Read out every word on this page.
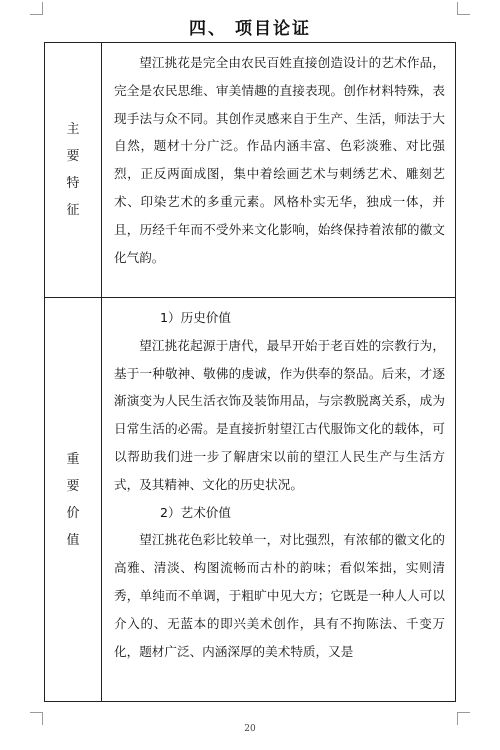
四、 项目论证
主
要
特
征

望江挑花是完全由农民百姓直接创造设计的艺术作品，完全是农民思维、审美情趣的直接表现。创作材料特殊，表现手法与众不同。其创作灵感来自于生产、生活，师法于大自然，题材十分广泛。作品内涵丰富、色彩淡雅、对比强烈，正反两面成图，集中着绘画艺术与刺绣艺术、雕刻艺术、印染艺术的多重元素。风格朴实无华，独成一体，并且，历经千年而不受外来文化影响，始终保持着浓郁的徽文化气韵。

重
要
价
值

1）历史价值

望江挑花起源于唐代，最早开始于老百姓的宗教行为，基于一种敬神、敬佛的虔诚，作为供奉的祭品。后来，才逐渐演变为人民生活衣饰及装饰用品，与宗教脱离关系，成为日常生活的必需。是直接折射望江古代服饰文化的载体，可以帮助我们进一步了解唐宋以前的望江人民生产与生活方式，及其精神、文化的历史状况。

2）艺术价值

望江挑花色彩比较单一，对比强烈，有浓郁的徽文化的高雅、清淡、构图流畅而古朴的韵味；看似笨拙，实则清秀，单纯而不单调，于粗旷中见大方；它既是一种人人可以介入的、无蓝本的即兴美术创作，具有不拘陈法、千变万化，题材广泛、内涵深厚的美术特质，又是

20
